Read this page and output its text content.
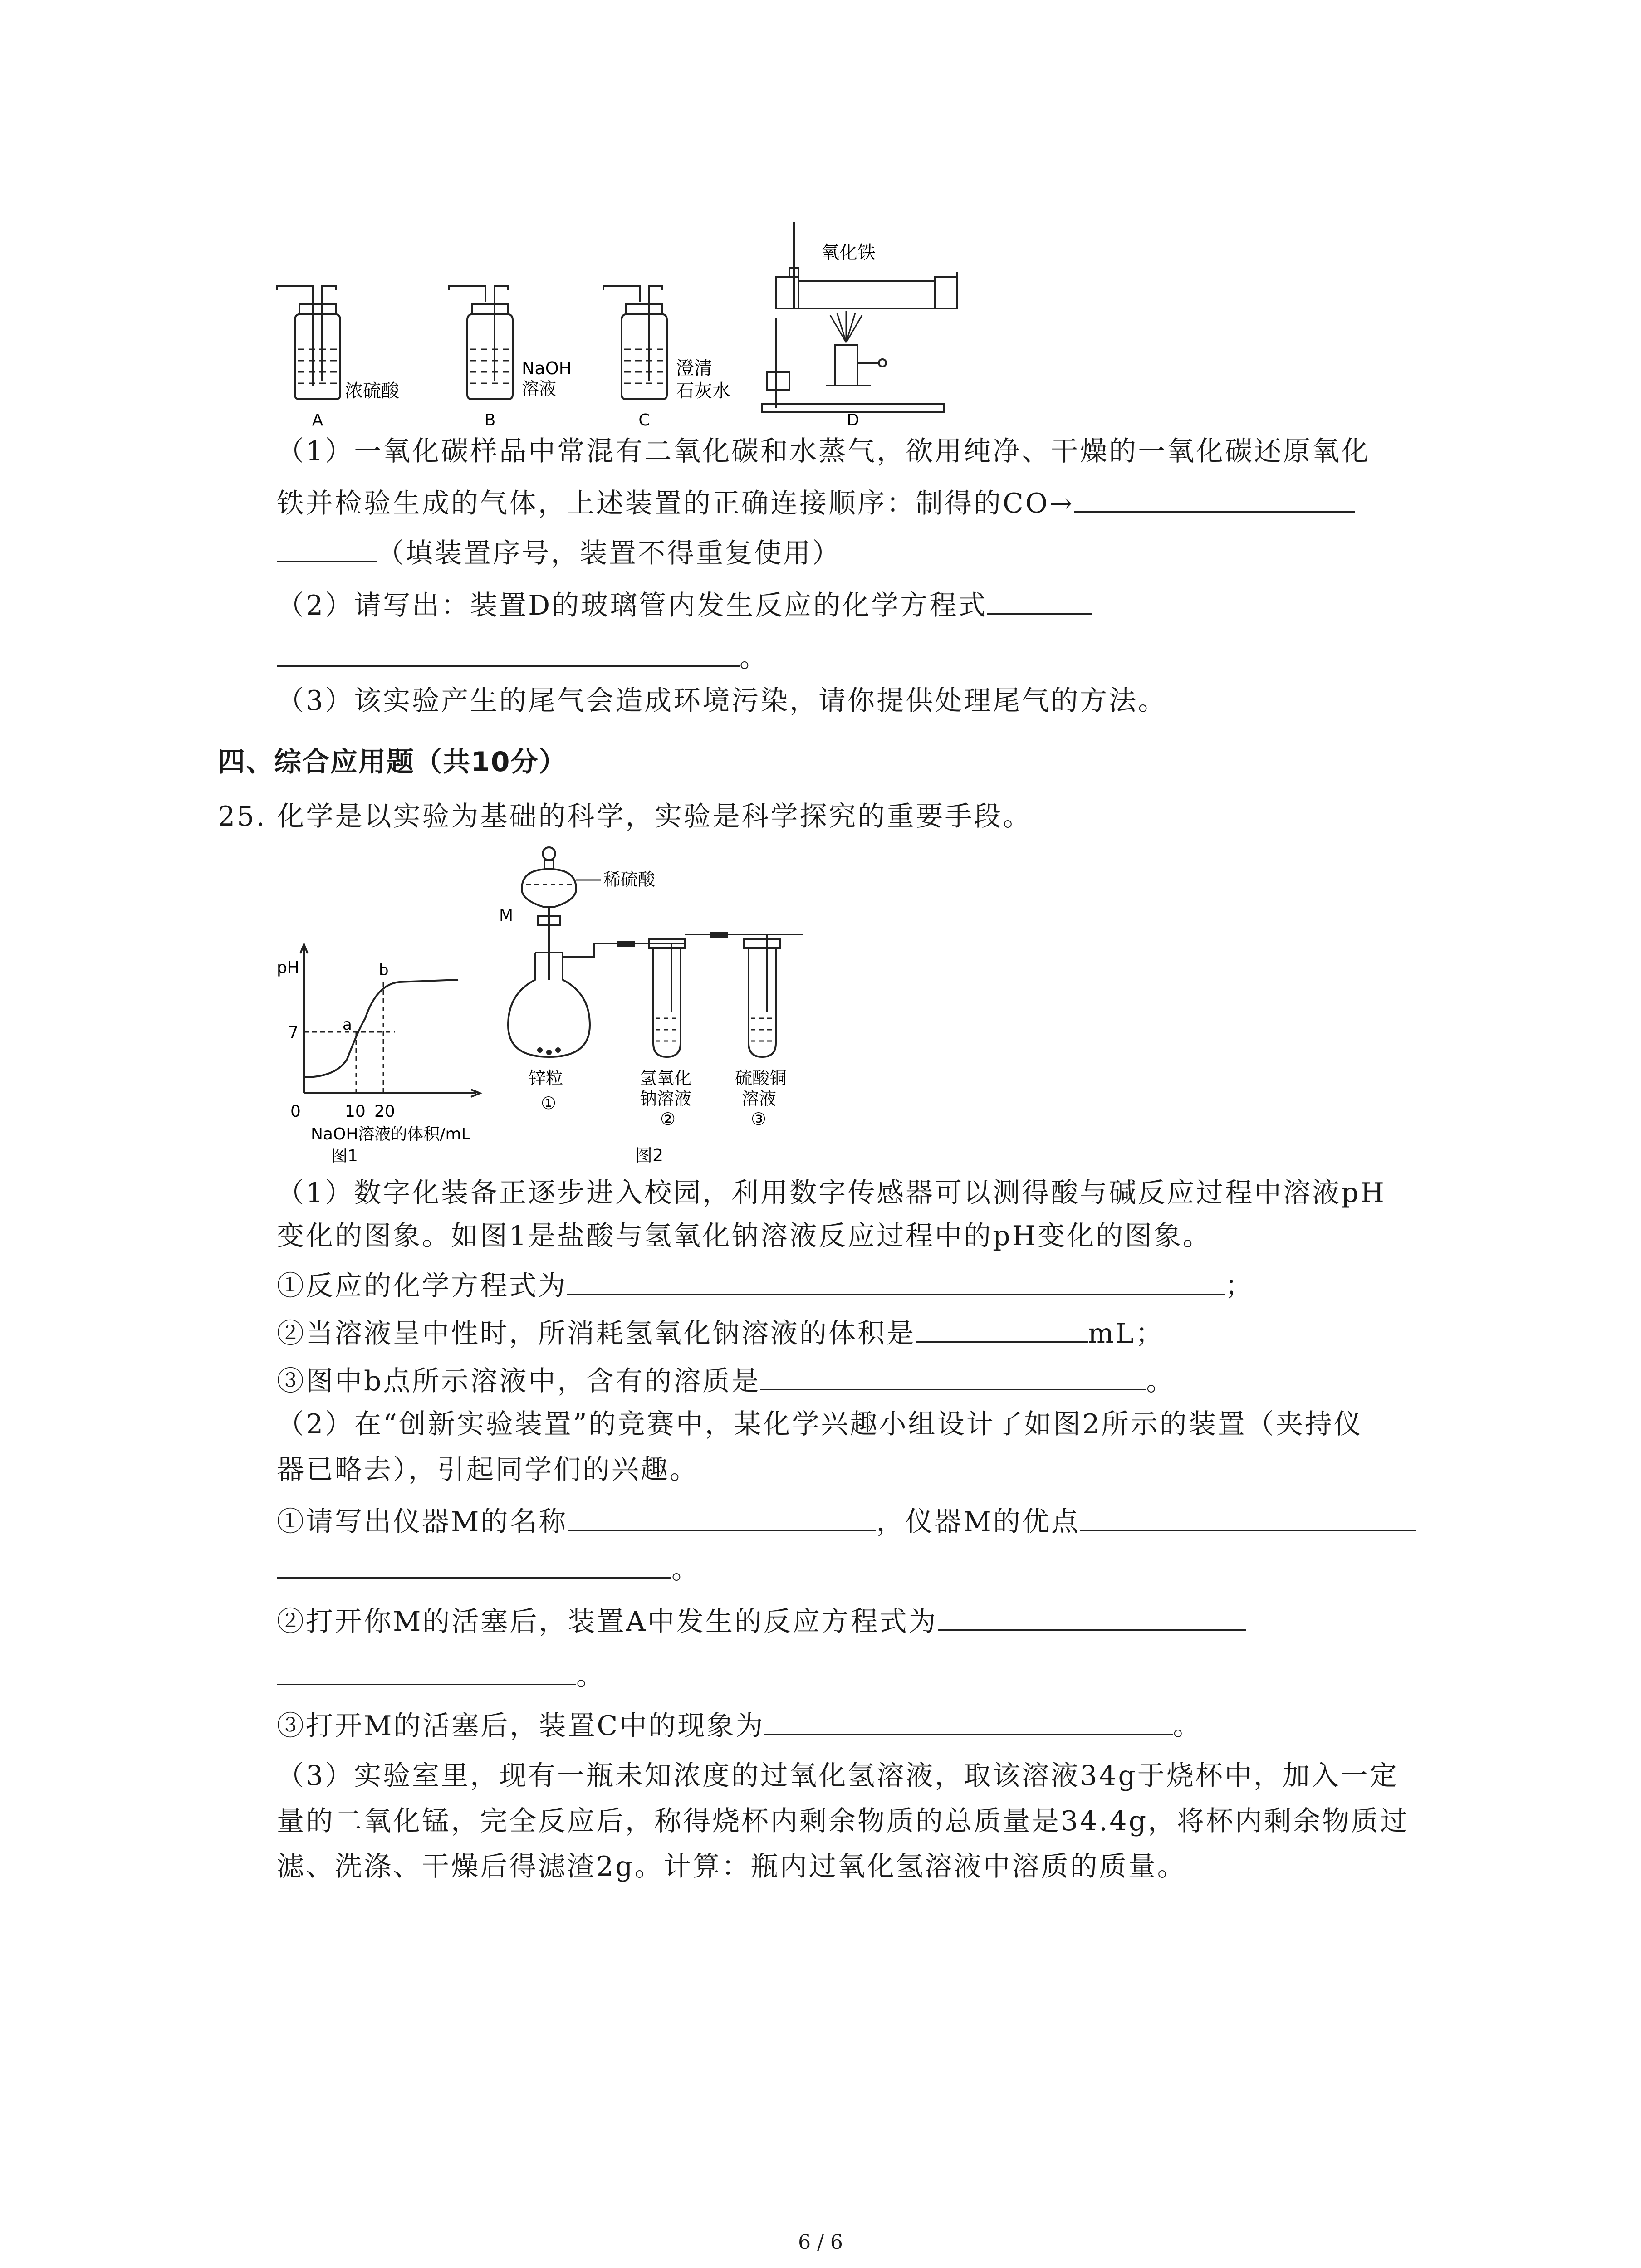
A	B	C	D
浓硫酸
NaOH
溶液
澄清
石灰水
氧化铁
（1）一氧化碳样品中常混有二氧化碳和水蒸气，欲用纯净、干燥的一氧化碳还原氧化
铁并检验生成的气体，上述装置的正确连接顺序：制得的CO→
（填装置序号，装置不得重复使用）
（2）请写出：装置D的玻璃管内发生反应的化学方程式
。
（3）该实验产生的尾气会造成环境污染，请你提供处理尾气的方法。
四、综合应用题（共10分）
25. 化学是以实验为基础的科学，实验是科学探究的重要手段。
pH
7
0	10 20
a
b
NaOH溶液的体积/mL
图1
稀硫酸
M
锌粒
①
氢氧化
钠溶液
②
硫酸铜
溶液
③
图2
（1）数字化装备正逐步进入校园，利用数字传感器可以测得酸与碱反应过程中溶液pH
变化的图象。如图1是盐酸与氢氧化钠溶液反应过程中的pH变化的图象。
①反应的化学方程式为	；
②当溶液呈中性时，所消耗氢氧化钠溶液的体积是	mL；
③图中b点所示溶液中，含有的溶质是	。
（2）在“创新实验装置”的竞赛中，某化学兴趣小组设计了如图2所示的装置（夹持仪
器已略去），引起同学们的兴趣。
①请写出仪器M的名称	，仪器M的优点
。
②打开你M的活塞后，装置A中发生的反应方程式为
。
③打开M的活塞后，装置C中的现象为	。
（3）实验室里，现有一瓶未知浓度的过氧化氢溶液，取该溶液34g于烧杯中，加入一定
量的二氧化锰，完全反应后，称得烧杯内剩余物质的总质量是34.4g，将杯内剩余物质过
滤、洗涤、干燥后得滤渣2g。计算：瓶内过氧化氢溶液中溶质的质量。
6 / 6
